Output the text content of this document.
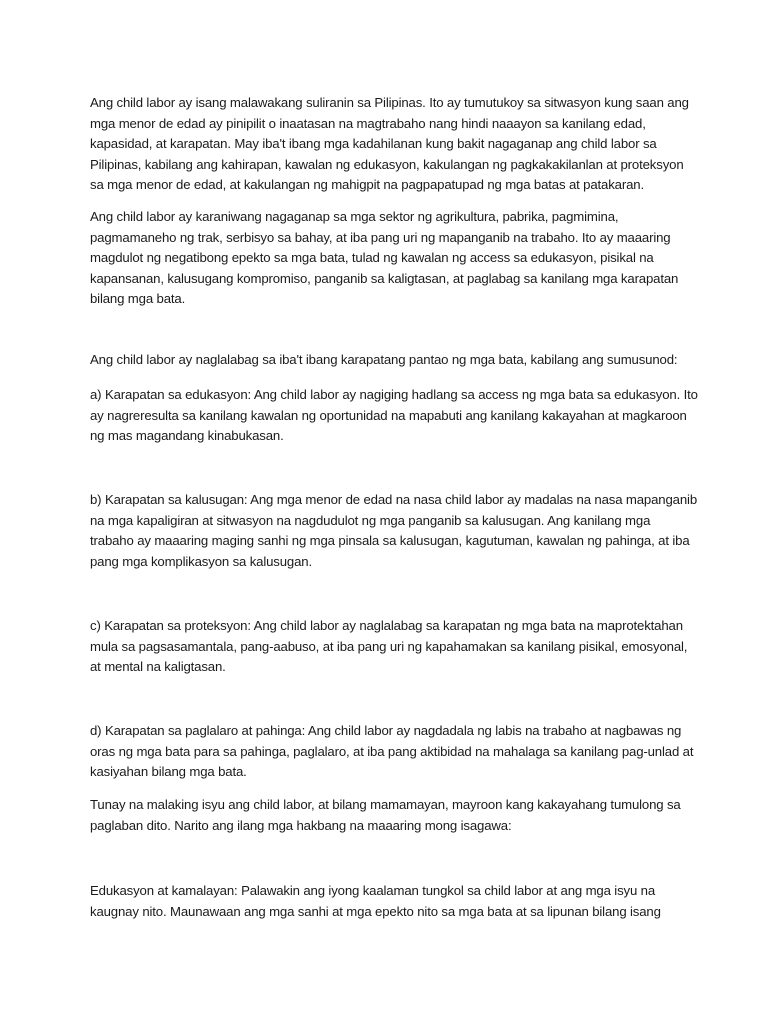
Ang child labor ay isang malawakang suliranin sa Pilipinas. Ito ay tumutukoy sa sitwasyon kung saan ang
mga menor de edad ay pinipilit o inaatasan na magtrabaho nang hindi naaayon sa kanilang edad,
kapasidad, at karapatan. May iba't ibang mga kadahilanan kung bakit nagaganap ang child labor sa
Pilipinas, kabilang ang kahirapan, kawalan ng edukasyon, kakulangan ng pagkakakilanlan at proteksyon
sa mga menor de edad, at kakulangan ng mahigpit na pagpapatupad ng mga batas at patakaran.

Ang child labor ay karaniwang nagaganap sa mga sektor ng agrikultura, pabrika, pagmimina,
pagmamaneho ng trak, serbisyo sa bahay, at iba pang uri ng mapanganib na trabaho. Ito ay maaaring
magdulot ng negatibong epekto sa mga bata, tulad ng kawalan ng access sa edukasyon, pisikal na
kapansanan, kalusugang kompromiso, panganib sa kaligtasan, at paglabag sa kanilang mga karapatan
bilang mga bata.

Ang child labor ay naglalabag sa iba't ibang karapatang pantao ng mga bata, kabilang ang sumusunod:

a) Karapatan sa edukasyon: Ang child labor ay nagiging hadlang sa access ng mga bata sa edukasyon. Ito
ay nagreresulta sa kanilang kawalan ng oportunidad na mapabuti ang kanilang kakayahan at magkaroon
ng mas magandang kinabukasan.

b) Karapatan sa kalusugan: Ang mga menor de edad na nasa child labor ay madalas na nasa mapanganib
na mga kapaligiran at sitwasyon na nagdudulot ng mga panganib sa kalusugan. Ang kanilang mga
trabaho ay maaaring maging sanhi ng mga pinsala sa kalusugan, kagutuman, kawalan ng pahinga, at iba
pang mga komplikasyon sa kalusugan.

c) Karapatan sa proteksyon: Ang child labor ay naglalabag sa karapatan ng mga bata na maprotektahan
mula sa pagsasamantala, pang-aabuso, at iba pang uri ng kapahamakan sa kanilang pisikal, emosyonal,
at mental na kaligtasan.

d) Karapatan sa paglalaro at pahinga: Ang child labor ay nagdadala ng labis na trabaho at nagbawas ng
oras ng mga bata para sa pahinga, paglalaro, at iba pang aktibidad na mahalaga sa kanilang pag-unlad at
kasiyahan bilang mga bata.

Tunay na malaking isyu ang child labor, at bilang mamamayan, mayroon kang kakayahang tumulong sa
paglaban dito. Narito ang ilang mga hakbang na maaaring mong isagawa:

Edukasyon at kamalayan: Palawakin ang iyong kaalaman tungkol sa child labor at ang mga isyu na
kaugnay nito. Maunawaan ang mga sanhi at mga epekto nito sa mga bata at sa lipunan bilang isang
